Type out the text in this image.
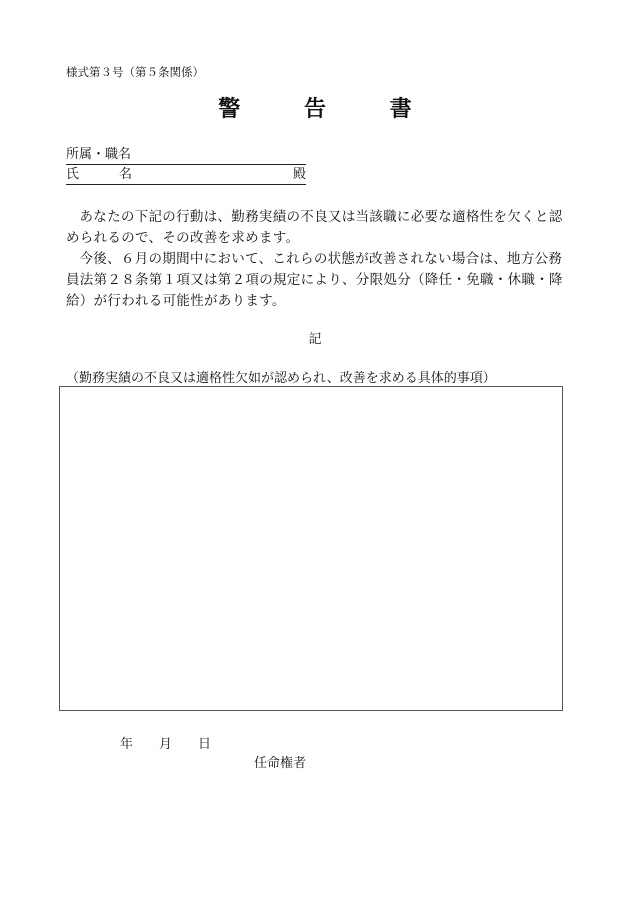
様式第３号（第５条関係）
警	告	書
所属・職名
氏	名	殿

あなたの下記の行動は、勤務実績の不良又は当該職に必要な適格性を欠くと認められるので、その改善を求めます。

今後、６月の期間中において、これらの状態が改善されない場合は、地方公務員法第２８条第１項又は第２項の規定により、分限処分（降任・免職・休職・降給）が行われる可能性があります。

記
（勤務実績の不良又は適格性欠如が認められ、改善を求める具体的事項）
年 月 日
任命権者
